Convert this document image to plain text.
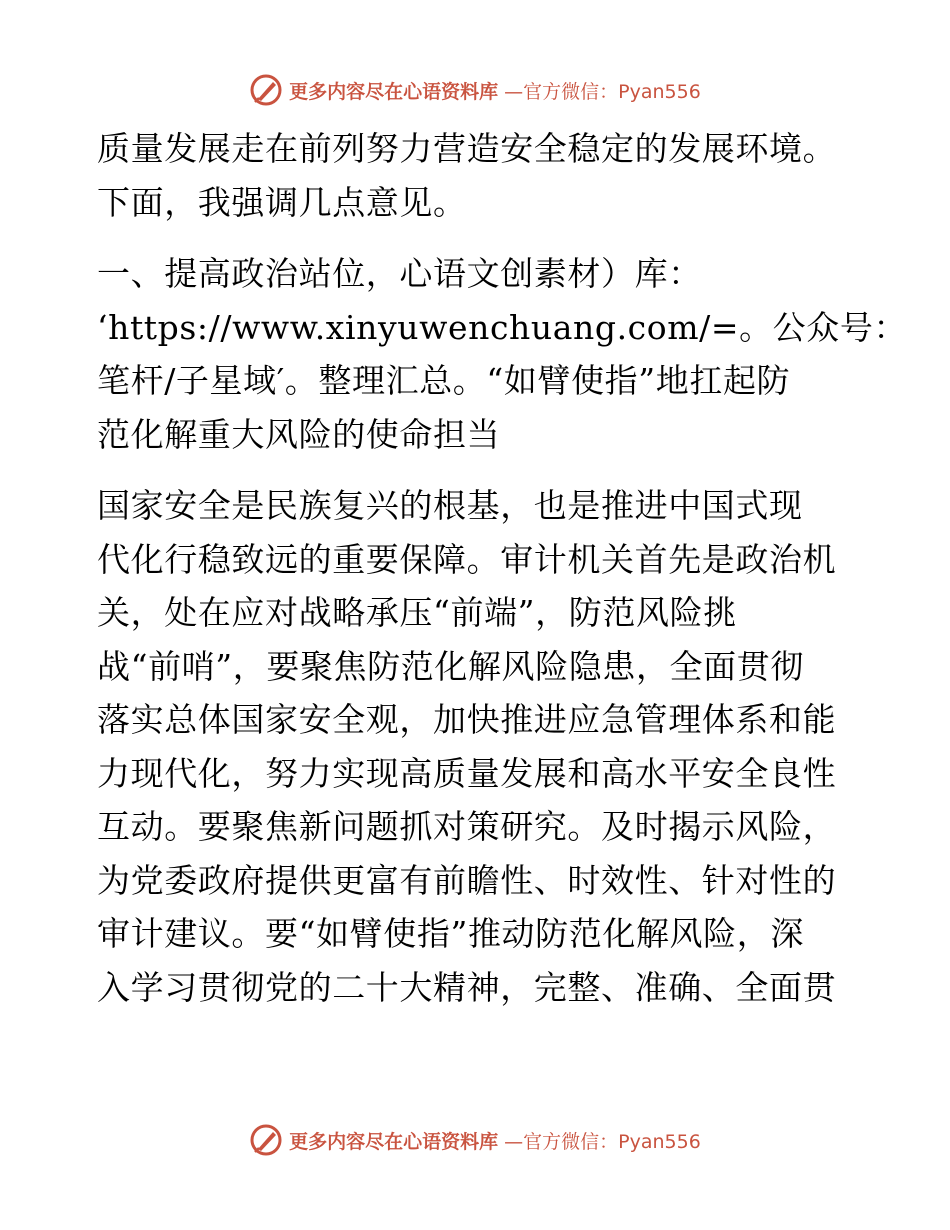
更多内容尽在心语资料库 —官方微信：Pyan556
质量发展走在前列努力营造安全稳定的发展环境。
下面，我强调几点意见。
一、提高政治站位，心语文创素材）库：
‘https://www.xinyuwenchuang.com/=。公众号：
笔杆/子星域′。整理汇总。“如臂使指”地扛起防
范化解重大风险的使命担当
国家安全是民族复兴的根基，也是推进中国式现
代化行稳致远的重要保障。审计机关首先是政治机
关，处在应对战略承压“前端”，防范风险挑
战“前哨”，要聚焦防范化解风险隐患，全面贯彻
落实总体国家安全观，加快推进应急管理体系和能
力现代化，努力实现高质量发展和高水平安全良性
互动。要聚焦新问题抓对策研究。及时揭示风险，
为党委政府提供更富有前瞻性、时效性、针对性的
审计建议。要“如臂使指”推动防范化解风险，深
入学习贯彻党的二十大精神，完整、准确、全面贯
更多内容尽在心语资料库 —官方微信：Pyan556
